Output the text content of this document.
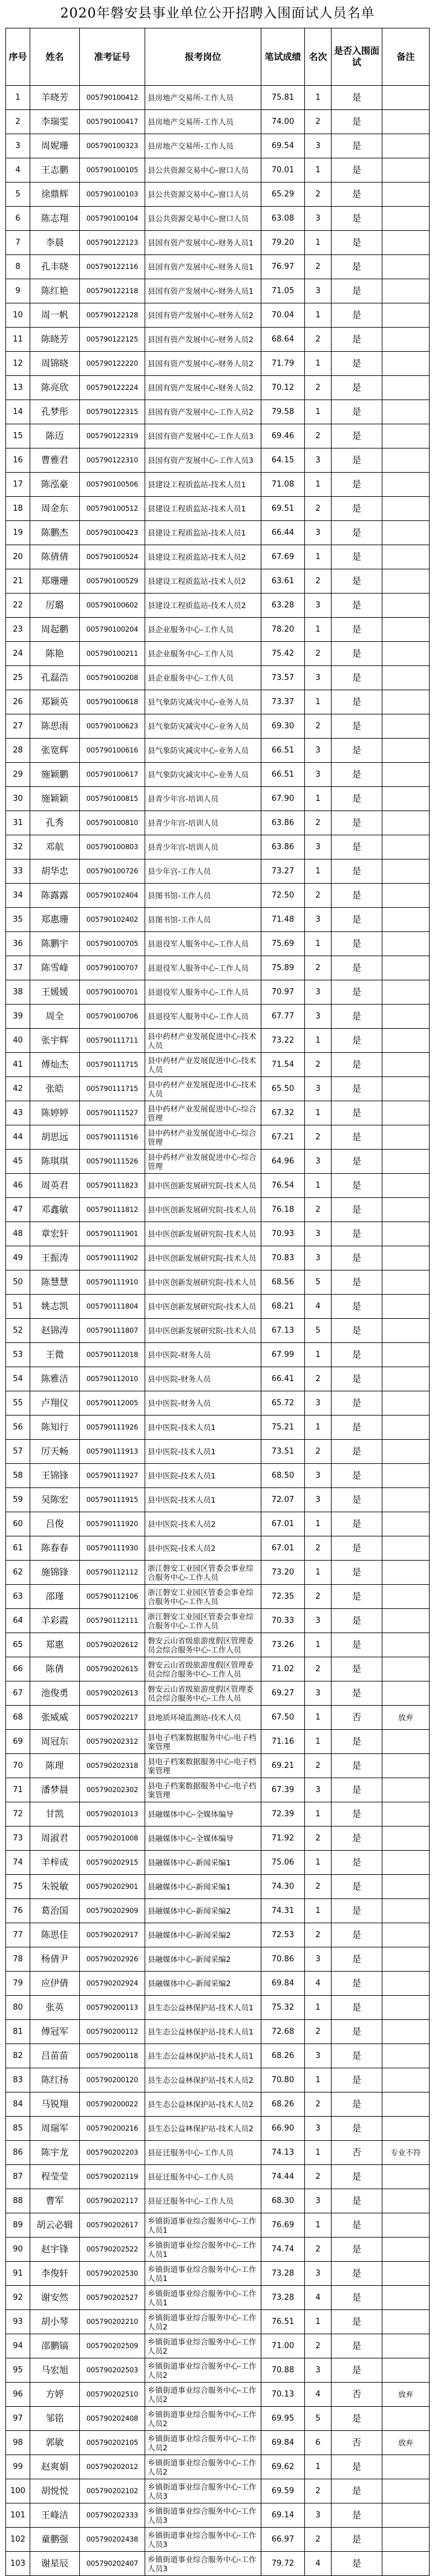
2020年磐安县事业单位公开招聘入围面试人员名单
序号	姓名	准考证号	报考岗位	笔试成绩	名次	是否入围面试	备注
1	羊晓芳	005790100412	县房地产交易所-工作人员	75.81	1	是	
2	李瑞雯	005790100417	县房地产交易所-工作人员	74.00	2	是	
3	周妮珊	005790100323	县房地产交易所-工作人员	69.54	3	是	
4	王志鹏	005790100105	县公共资源交易中心-窗口人员	70.01	1	是	
5	徐鼎辉	005790100103	县公共资源交易中心-窗口人员	65.29	2	是	
6	陈志翔	005790100104	县公共资源交易中心-窗口人员	63.08	3	是	
7	李晨	005790122123	县国有资产发展中心-财务人员1	79.20	1	是	
8	孔丰晓	005790122116	县国有资产发展中心-财务人员1	76.97	2	是	
9	陈红艳	005790122118	县国有资产发展中心-财务人员1	71.05	3	是	
10	周一帆	005790122128	县国有资产发展中心-财务人员2	70.04	1	是	
11	陈晓芳	005790122125	县国有资产发展中心-财务人员2	68.64	2	是	
12	周锦晓	005790122220	县国有资产发展中心-财务人员2	71.79	1	是	
13	陈亮欣	005790122224	县国有资产发展中心-财务人员2	70.12	2	是	
14	孔梦彤	005790122315	县国有资产发展中心-工作人员2	79.58	1	是	
15	陈迈	005790122319	县国有资产发展中心-工作人员3	69.46	2	是	
16	曹雅君	005790122310	县国有资产发展中心-工作人员3	64.15	3	是	
17	陈泓豪	005790100506	县建设工程质监站-技术人员1	71.08	1	是	
18	周金东	005790100512	县建设工程质监站-技术人员1	69.51	2	是	
19	陈鹏杰	005790100423	县建设工程质监站-技术人员1	66.44	3	是	
20	陈倩倩	005790100524	县建设工程质监站-技术人员2	67.69	1	是	
21	郑珊珊	005790100529	县建设工程质监站-技术人员2	63.61	2	是	
22	厉璐	005790100602	县建设工程质监站-技术人员2	63.28	3	是	
23	周起鹏	005790100204	县企业服务中心-工作人员	78.20	1	是	
24	陈艳	005790100211	县企业服务中心-工作人员	75.42	2	是	
25	孔磊浩	005790100208	县企业服务中心-工作人员	73.57	3	是	
26	郑颖英	005790100618	县气象防灾减灾中心-业务人员	73.37	1	是	
27	陈思雨	005790100623	县气象防灾减灾中心-业务人员	69.30	2	是	
28	张宽辉	005790100616	县气象防灾减灾中心-业务人员	66.51	3	是	
29	施颖鹏	005790100617	县气象防灾减灾中心-业务人员	66.51	3	是	
30	施颖颖	005790100815	县青少年宫-培训人员	67.90	1	是	
31	孔秀	005790100810	县青少年宫-培训人员	63.86	2	是	
32	邓航	005790100803	县青少年宫-培训人员	63.86	3	是	
33	胡华忠	005790100726	县少年宫-工作人员	73.27	1	是	
34	陈露露	005790102404	县图书馆-工作人员	72.50	2	是	
35	郑惠珊	005790102402	县图书馆-工作人员	71.48	3	是	
36	陈鹏宇	005790100705	县退役军人服务中心-工作人员	75.69	1	是	
37	陈雪峰	005790100707	县退役军人服务中心-工作人员	75.89	2	是	
38	王媛媛	005790100701	县退役军人服务中心-工作人员	70.97	3	是	
39	周全	005790100706	县退役军人服务中心-工作人员	67.77	3	是	
40	张宇辉	005790111711	县中药材产业发展促进中心-技术人员	73.22	1	是	
41	傅灿杰	005790111715	县中药材产业发展促进中心-技术人员	71.54	2	是	
42	张皓	005790111715	县中药材产业发展促进中心-技术人员	65.50	3	是	
43	陈婷婷	005790111527	县中药材产业发展促进中心-综合管理	67.32	1	是	
44	胡思远	005790111516	县中药材产业发展促进中心-综合管理	67.21	2	是	
45	陈琪琪	005790111526	县中药材产业发展促进中心-综合管理	64.96	3	是	
46	周英君	005790111823	县中医创新发展研究院-技术人员	76.54	1	是	
47	邓鑫敏	005790111812	县中医创新发展研究院-技术人员	76.18	2	是	
48	章宏轩	005790111901	县中医创新发展研究院-技术人员	70.93	3	是	
49	王振涛	005790111902	县中医创新发展研究院-技术人员	70.83	3	是	
50	陈慧慧	005790111910	县中医创新发展研究院-技术人员	68.56	5	是	
51	姚志凯	005790111804	县中医创新发展研究院-技术人员	68.21	4	是	
52	赵锦涛	005790111807	县中医创新发展研究院-技术人员	67.13	5	是	
53	王微	005790112018	县中医院-财务人员	67.99	1	是	
54	陈雅洁	005790112010	县中医院-财务人员	66.41	2	是	
55	卢翔仪	005790112005	县中医院-财务人员	65.72	3	是	
56	陈知行	005790111926	县中医院-技术人员1	75.21	1	是	
57	厉天畅	005790111913	县中医院-技术人员1	73.51	2	是	
58	王锦锋	005790111927	县中医院-技术人员1	68.50	3	是	
59	吴陈宏	005790111915	县中医院-技术人员1	72.07	3	是	
60	吕俊	005790111920	县中医院-技术人员2	67.01	1	是	
61	陈春春	005790111930	县中医院-技术人员2	67.01	2	是	
62	施锦锋	005790112112	浙江磐安工业园区管委会事业综合服务中心-工作人员	73.20	1	是	
63	邵瑾	005790112106	浙江磐安工业园区管委会事业综合服务中心-工作人员	72.35	2	是	
64	羊彩霞	005790112111	浙江磐安工业园区管委会事业综合服务中心-工作人员	70.33	3	是	
65	郑惠	005790202612	磐安云山省级旅游度假区管理委员会综合服务中心-工作人员	73.26	1	是	
66	陈倩	005790202615	磐安云山省级旅游度假区管理委员会综合服务中心-工作人员	71.02	2	是	
67	池俊勇	005790202613	磐安云山省级旅游度假区管理委员会综合服务中心-工作人员	69.27	3	是	
68	张威威	005790202217	县地质环境监测站-技术人员	67.50	1	否	放弃
69	周冠东	005790202312	县电子档案数据服务中心-电子档案管理	71.16	1	是	
70	陈理	005790202318	县电子档案数据服务中心-电子档案管理	69.21	2	是	
71	潘梦晨	005790202302	县电子档案数据服务中心-电子档案管理	67.39	3	是	
72	甘凯	005790201013	县融媒体中心-全媒体编导	72.39	1	是	
73	周淑君	005790201008	县融媒体中心-全媒体编导	71.92	2	是	
74	羊梓成	005790202915	县融媒体中心-新闻采编1	75.06	1	是	
75	朱锐敏	005790202901	县融媒体中心-新闻采编1	74.30	2	是	
76	葛治国	005790202909	县融媒体中心-新闻采编2	74.31	1	是	
77	陈思佳	005790202917	县融媒体中心-新闻采编2	72.53	2	是	
78	杨倩尹	005790202926	县融媒体中心-新闻采编2	70.86	3	是	
79	应伊倩	005790202924	县融媒体中心-新闻采编2	69.84	4	是	
80	张英	005790200113	县生态公益林保护站-技术人员1	75.32	1	是	
81	傅冠军	005790200112	县生态公益林保护站-技术人员1	72.68	2	是	
82	吕苗苗	005790200118	县生态公益林保护站-技术人员1	68.26	3	是	
83	陈红扬	005790200120	县生态公益林保护站-技术人员2	70.80	1	是	
84	马锐翔	005790200022	县生态公益林保护站-技术人员2	68.26	2	是	
85	周瑞军	005790200216	县生态公益林保护站-技术人员2	66.90	3	是	
86	陈宇龙	005790202203	县征迁服务中心-工作人员	74.13	1	否	专业不符
87	程莹莹	005790202119	县征迁服务中心-工作人员	74.44	2	是	
88	曹军	005790202117	县征迁服务中心-工作人员	68.30	3	是	
89	胡云必辑	005790202617	乡镇街道事业综合服务中心-工作人员1	76.69	1	是	
90	赵宇锋	005790202522	乡镇街道事业综合服务中心-工作人员1	74.74	2	是	
91	李俊轩	005790202530	乡镇街道事业综合服务中心-工作人员1	73.28	3	是	
92	谢安然	005790202527	乡镇街道事业综合服务中心-工作人员1	73.28	4	是	
93	胡小琴	005790202210	乡镇街道事业综合服务中心-工作人员2	76.51	1	是	
94	邵鹏镐	005790202509	乡镇街道事业综合服务中心-工作人员2	71.00	2	是	
95	马宏旭	005790202503	乡镇街道事业综合服务中心-工作人员2	70.88	3	是	
96	方婷	005790202510	乡镇街道事业综合服务中心-工作人员2	70.13	4	否	放弃
97	邹铭	005790202408	乡镇街道事业综合服务中心-工作人员2	69.95	5	是	
98	郭敏	005790202105	乡镇街道事业综合服务中心-工作人员2	69.84	6	否	放弃
99	赵爽娟	005790202012	乡镇街道事业综合服务中心-工作人员2	69.62	1	是	
100	胡悦悦	005790202102	乡镇街道事业综合服务中心-工作人员3	69.59	2	是	
101	王峰洁	005790202333	乡镇街道事业综合服务中心-工作人员3	69.14	3	是	
102	童鹏强	005790202438	乡镇街道事业综合服务中心-工作人员3	66.97	2	是	
103	谢星辰	005790202407	乡镇街道事业综合服务中心-工作人员3	79.72	4	是	
